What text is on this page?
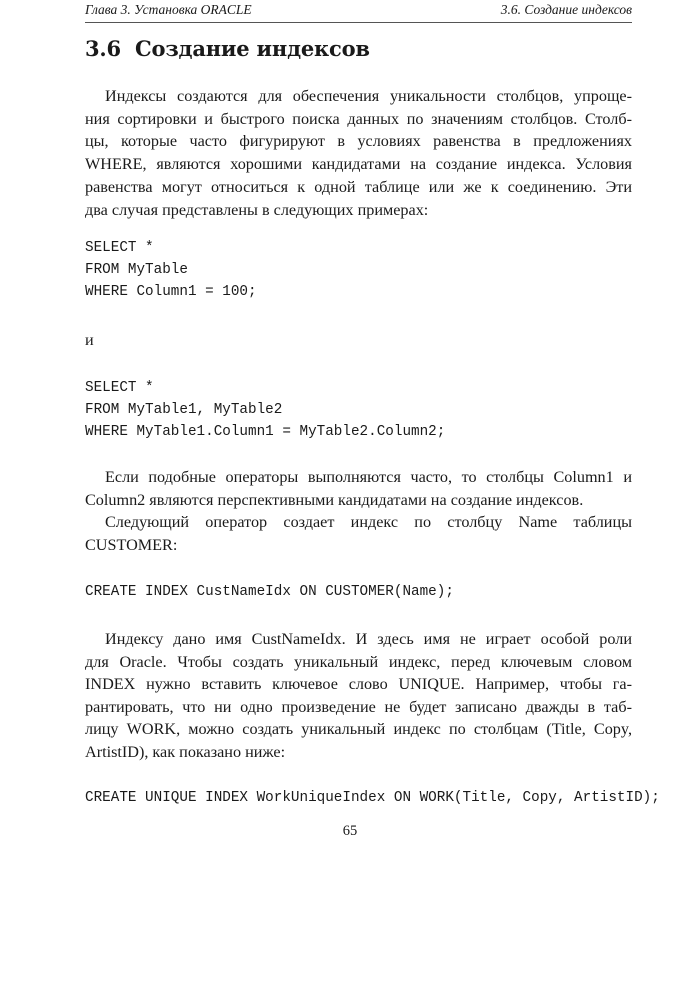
Глава 3. Установка ORACLE	3.6. Создание индексов
3.6 Создание индексов
Индексы создаются для обеспечения уникальности столбцов, упроще-
ния сортировки и быстрого поиска данных по значениям столбцов. Столб-
цы, которые часто фигурируют в условиях равенства в предложениях
WHERE, являются хорошими кандидатами на создание индекса. Условия
равенства могут относиться к одной таблице или же к соединению. Эти
два случая представлены в следующих примерах:
SELECT *
FROM MyTable
WHERE Column1 = 100;
и
SELECT *
FROM MyTable1, MyTable2
WHERE MyTable1.Column1 = MyTable2.Column2;
Если подобные операторы выполняются часто, то столбцы Column1 и
Column2 являются перспективными кандидатами на создание индексов.
Следующий оператор создает индекс по столбцу Name таблицы
CUSTOMER:
CREATE INDEX CustNameIdx ON CUSTOMER(Name);
Индексу дано имя CustNameIdx. И здесь имя не играет особой роли
для Oracle. Чтобы создать уникальный индекс, перед ключевым словом
INDEX нужно вставить ключевое слово UNIQUE. Например, чтобы га-
рантировать, что ни одно произведение не будет записано дважды в таб-
лицу WORK, можно создать уникальный индекс по столбцам (Title, Copy,
ArtistID), как показано ниже:
CREATE UNIQUE INDEX WorkUniqueIndex ON WORK(Title, Copy, ArtistID);
65
